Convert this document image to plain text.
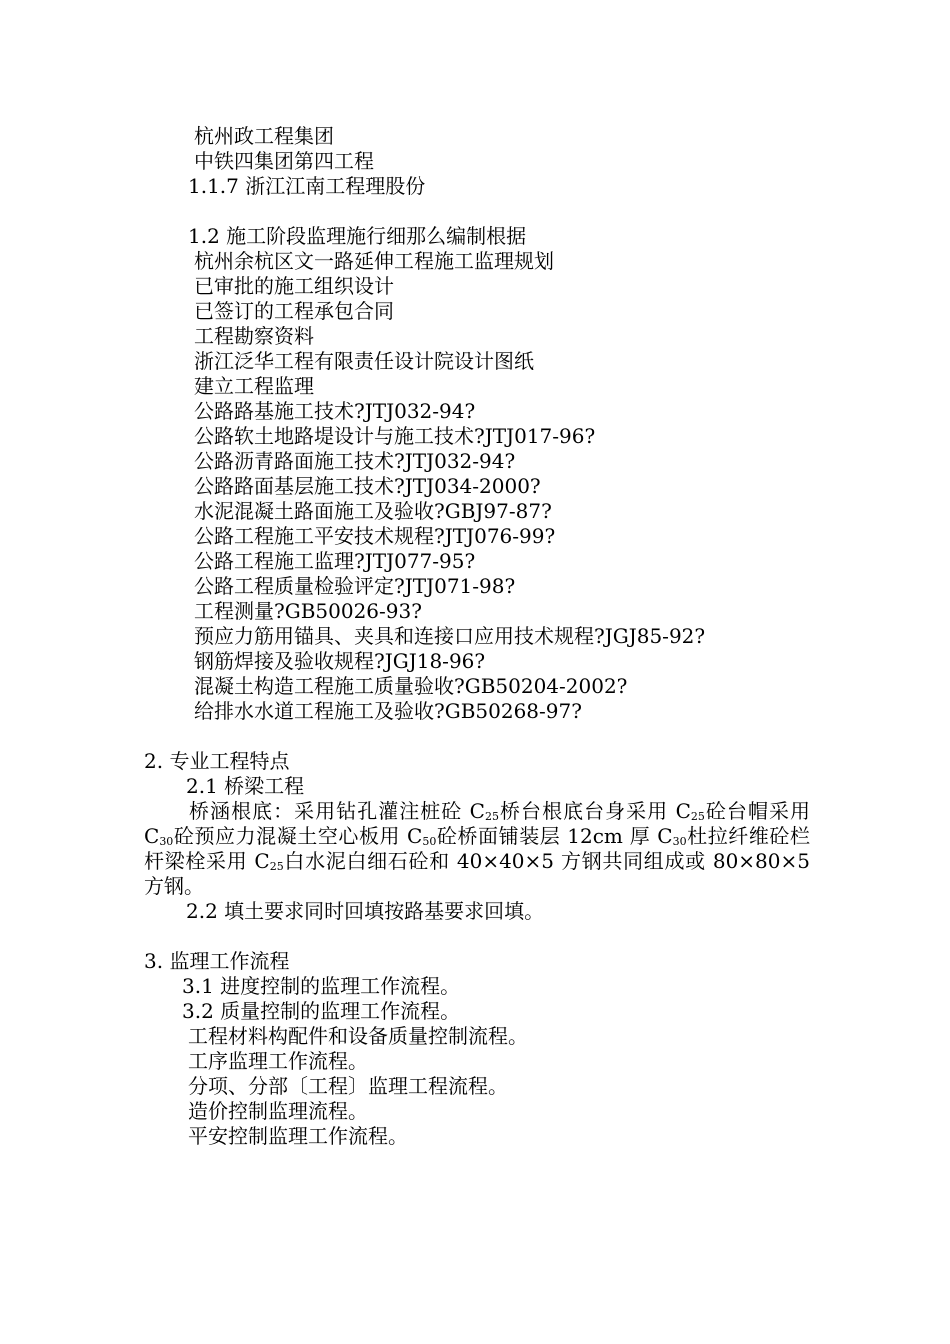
杭州政工程集团
中铁四集团第四工程
1.1.7 浙江江南工程理股份
1.2 施工阶段监理施行细那么编制根据
杭州余杭区文一路延伸工程施工监理规划
已审批的施工组织设计
已签订的工程承包合同
工程勘察资料
浙江泛华工程有限责任设计院设计图纸
建立工程监理
公路路基施工技术?JTJ032-94?
公路软土地路堤设计与施工技术?JTJ017-96?
公路沥青路面施工技术?JTJ032-94?
公路路面基层施工技术?JTJ034-2000?
水泥混凝土路面施工及验收?GBJ97-87?
公路工程施工平安技术规程?JTJ076-99?
公路工程施工监理?JTJ077-95?
公路工程质量检验评定?JTJ071-98?
工程测量?GB50026-93?
预应力筋用锚具、夹具和连接口应用技术规程?JGJ85-92?
钢筋焊接及验收规程?JGJ18-96?
混凝土构造工程施工质量验收?GB50204-2002?
给排水水道工程施工及验收?GB50268-97?
2. 专业工程特点
2.1 桥梁工程
桥涵根底：采用钻孔灌注桩砼 $C_{25}$桥台根底台身采用 $C_{25}$砼台帽采用 $C_{30}$砼预应力混凝土空心板用 $C_{50}$砼桥面铺装层 12cm 厚 $C_{30}$杜拉纤维砼栏杆梁栓采用 $C_{25}$白水泥白细石砼和 40×40×5 方钢共同组成或 80×80×5 方钢。
2.2 填土要求同时回填按路基要求回填。
3. 监理工作流程
3.1 进度控制的监理工作流程。
3.2 质量控制的监理工作流程。
工程材料构配件和设备质量控制流程。
工序监理工作流程。
分项、分部〔工程〕监理工程流程。
造价控制监理流程。
平安控制监理工作流程。
